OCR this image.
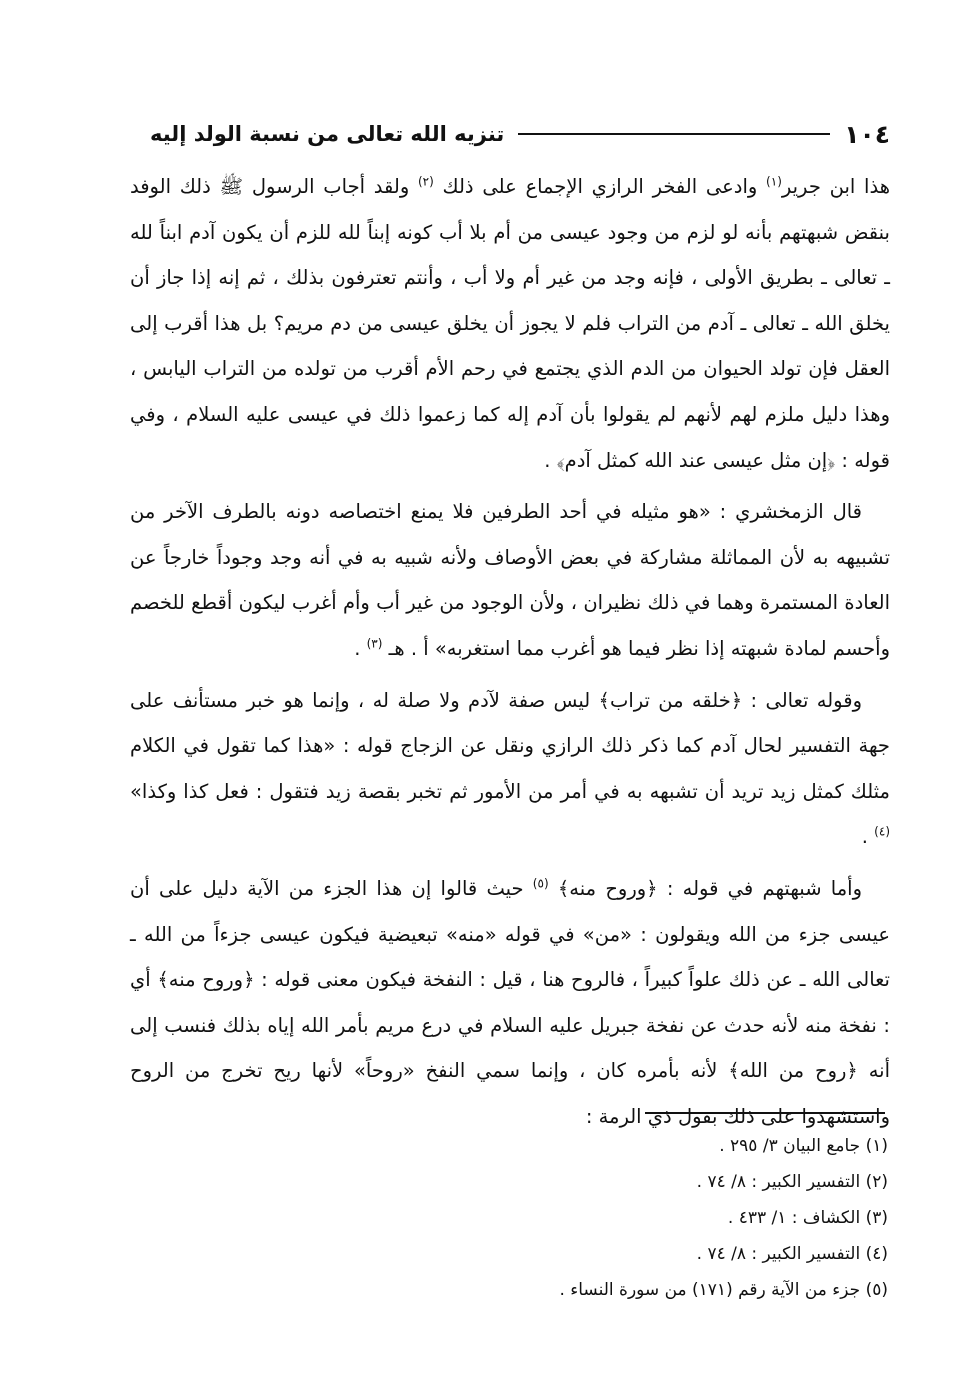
١٠٤
تنزيه الله تعالى من نسبة الولد إليه

هذا ابن جرير$^{(١)}$ وادعى الفخر الرازي الإجماع على ذلك $^{(٢)}$ ولقد أجاب الرسول ﷺ ذلك الوفد بنقض شبهتهم بأنه لو لزم من وجود عيسى من أم بلا أب كونه إبناً لله للزم أن يكون آدم ابناً لله ـ تعالى ـ بطريق الأولى ، فإنه وجد من غير أم ولا أب ، وأنتم تعترفون بذلك ، ثم إنه إذا جاز أن يخلق الله ـ تعالى ـ آدم من التراب فلم لا يجوز أن يخلق عيسى من دم مريم؟ بل هذا أقرب إلى العقل فإن تولد الحيوان من الدم الذي يجتمع في رحم الأم أقرب من تولده من التراب اليابس ، وهذا دليل ملزم لهم لأنهم لم يقولوا بأن آدم إله كما زعموا ذلك في عيسى عليه السلام ، وفي قوله : ﴿إن مثل عيسى عند الله كمثل آدم﴾ .

قال الزمخشري : «هو مثيله في أحد الطرفين فلا يمنع اختصاصه دونه بالطرف الآخر من تشبيهه به لأن المماثلة مشاركة في بعض الأوصاف ولأنه شبيه به في أنه وجد وجوداً خارجاً عن العادة المستمرة وهما في ذلك نظيران ، ولأن الوجود من غير أب وأم أغرب ليكون أقطع للخصم وأحسم لمادة شبهته إذا نظر فيما هو أغرب مما استغربه» أ . هـ $^{(٣)}$ .

وقوله تعالى : ﴿خلقه من تراب﴾ ليس صفة لآدم ولا صلة له ، وإنما هو خبر مستأنف على جهة التفسير لحال آدم كما ذكر ذلك الرازي ونقل عن الزجاج قوله : «هذا كما تقول في الكلام مثلك كمثل زيد تريد أن تشبهه به في أمر من الأمور ثم تخبر بقصة زيد فتقول : فعل كذا وكذا» $^{(٤)}$ .

وأما شبهتهم في قوله : ﴿وروح منه﴾ $^{(٥)}$ حيث قالوا إن هذا الجزء من الآية دليل على أن عيسى جزء من الله ويقولون : «من» في قوله «منه» تبعيضية فيكون عيسى جزءاً من الله ـ تعالى الله ـ عن ذلك علواً كبيراً ، فالروح هنا ، قيل : النفخة فيكون معنى قوله : ﴿وروح منه﴾ أي : نفخة منه لأنه حدث عن نفخة جبريل عليه السلام في درع مريم بأمر الله إياه بذلك فنسب إلى أنه ﴿روح من الله﴾ لأنه بأمره كان ، وإنما سمي النفخ «روحاً» لأنها ريح تخرج من الروح واستشهدوا على ذلك بقول ذي الرمة :

(١) جامع البيان ٣/ ٢٩٥ .
(٢) التفسير الكبير : ٨/ ٧٤ .
(٣) الكشاف : ١/ ٤٣٣ .
(٤) التفسير الكبير : ٨/ ٧٤ .
(٥) جزء من الآية رقم (١٧١) من سورة النساء .
